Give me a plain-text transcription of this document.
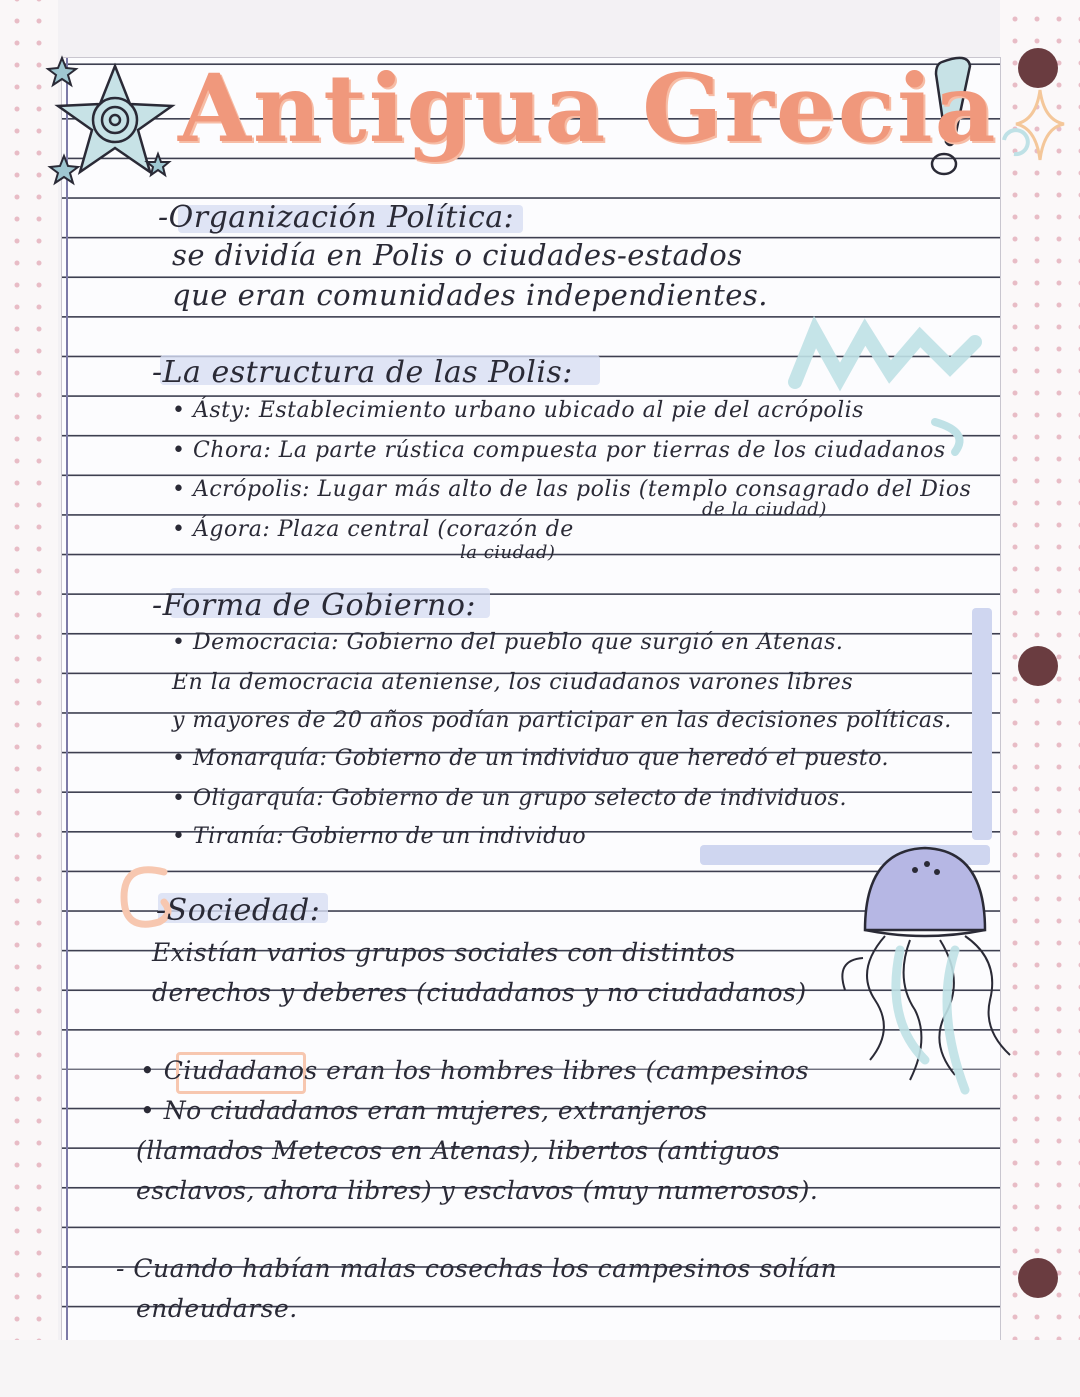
Antigua Grecia
-Organización Política:
se dividía en Polis o ciudades-estados
que eran comunidades independientes.
-La estructura de las Polis:
• Ásty: Establecimiento urbano ubicado al pie del acrópolis
• Chora: La parte rústica compuesta por tierras de los ciudadanos
• Acrópolis: Lugar más alto de las polis (templo consagrado del Dios
de la ciudad)
• Ágora: Plaza central (corazón de
la ciudad)
-Forma de Gobierno:
• Democracia: Gobierno del pueblo que surgió en Atenas.
En la democracia ateniense, los ciudadanos varones libres
y mayores de 20 años podían participar en las decisiones políticas.
• Monarquía: Gobierno de un individuo que heredó el puesto.
• Oligarquía: Gobierno de un grupo selecto de individuos.
• Tiranía: Gobierno de un individuo
-Sociedad:
Existían varios grupos sociales con distintos
derechos y deberes (ciudadanos y no ciudadanos)
• Ciudadanos eran los hombres libres (campesinos
• No ciudadanos eran mujeres, extranjeros
(llamados Metecos en Atenas), libertos (antiguos
esclavos, ahora libres) y esclavos (muy numerosos).
- Cuando habían malas cosechas los campesinos solían
endeudarse.
